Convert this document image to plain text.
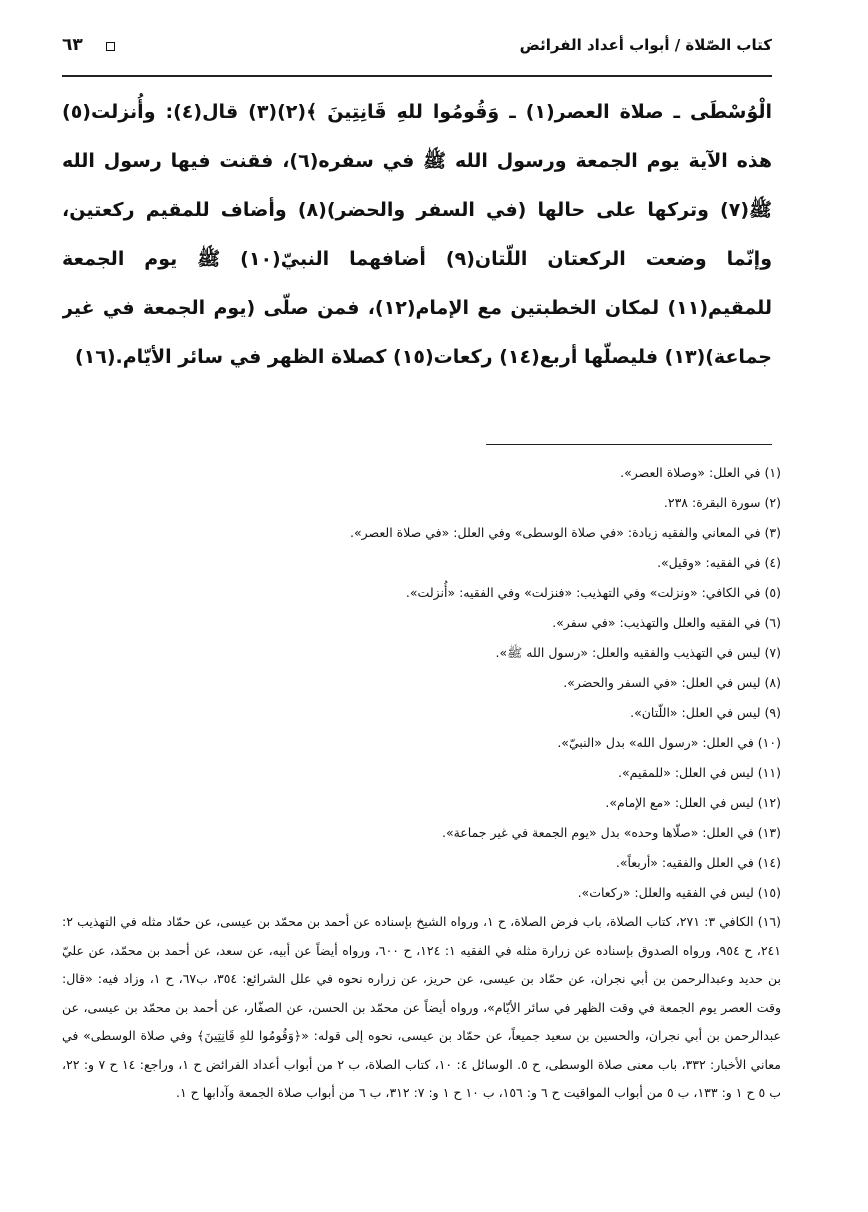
كتاب الصّلاة / أبواب أعداد الفرائض
٦٣
الْوُسْطَى ـ صلاة العصر(١) ـ وَقُومُوا للهِ قَانِتِينَ ﴾(٢)(٣) قال(٤): وأُنزلت(٥) هذه الآية يوم الجمعة ورسول الله ﷺ في سفره(٦)، فقنت فيها رسول الله ﷺ(٧) وتركها على حالها (في السفر والحضر)(٨) وأضاف للمقيم ركعتين، وإنّما وضعت الركعتان اللّتان(٩) أضافهما النبيّ(١٠) ﷺ يوم الجمعة للمقيم(١١) لمكان الخطبتين مع الإمام(١٢)، فمن صلّى (يوم الجمعة في غير جماعة)(١٣) فليصلّها أربع(١٤) ركعات(١٥) كصلاة الظهر في سائر الأيّام.(١٦)
(١) في العلل: «وصلاة العصر».
(٢) سورة البقرة: ٢٣٨.
(٣) في المعاني والفقيه زيادة: «في صلاة الوسطى» وفي العلل: «في صلاة العصر».
(٤) في الفقيه: «وقيل».
(٥) في الكافي: «ونزلت» وفي التهذيب: «فنزلت» وفي الفقيه: «أُنزلت».
(٦) في الفقيه والعلل والتهذيب: «في سفر».
(٧) ليس في التهذيب والفقيه والعلل: «رسول الله ﷺ».
(٨) ليس في العلل: «في السفر والحضر».
(٩) ليس في العلل: «اللّتان».
(١٠) في العلل: «رسول الله» بدل «النبيّ».
(١١) ليس في العلل: «للمقيم».
(١٢) ليس في العلل: «مع الإمام».
(١٣) في العلل: «صلّاها وحده» بدل «يوم الجمعة في غير جماعة».
(١٤) في العلل والفقيه: «أربعاً».
(١٥) ليس في الفقيه والعلل: «ركعات».
(١٦) الكافي ٣: ٢٧١، كتاب الصلاة، باب فرض الصلاة، ح ١، ورواه الشيخ بإسناده عن أحمد بن محمّد بن عيسى، عن حمّاد مثله في التهذيب ٢: ٢٤١، ح ٩٥٤، ورواه الصدوق بإسناده عن زرارة مثله في الفقيه ١: ١٢٤، ح ٦٠٠، ورواه أيضاً عن أبيه، عن سعد، عن أحمد بن محمّد، عن عليّ بن حديد وعبدالرحمن بن أبي نجران، عن حمّاد بن عيسى، عن حريز، عن زراره نحوه في علل الشرائع: ٣٥٤، ب٦٧، ح ١، وزاد فيه: «قال: وقت العصر يوم الجمعة في وقت الظهر في سائر الأيّام»، ورواه أيضاً عن محمّد بن الحسن، عن الصفّار، عن أحمد بن محمّد بن عيسى، عن عبدالرحمن بن أبي نجران، والحسين بن سعيد جميعاً، عن حمّاد بن عيسى، نحوه إلى قوله: «﴿وَقُومُوا للهِ قَانِتِينَ﴾ وفي صلاة الوسطى» في معاني الأخبار: ٣٣٢، باب معنى صلاة الوسطى، ح ٥. الوسائل ٤: ١٠، كتاب الصلاة، ب ٢ من أبواب أعداد الفرائض ح ١، وراجع: ١٤ ح ٧ و: ٢٢، ب ٥ ح ١ و: ١٣٣، ب ٥ من أبواب المواقيت ح ٦ و: ١٥٦، ب ١٠ ح ١ و: ٧: ٣١٢، ب ٦ من أبواب صلاة الجمعة وآدابها ح ١.
